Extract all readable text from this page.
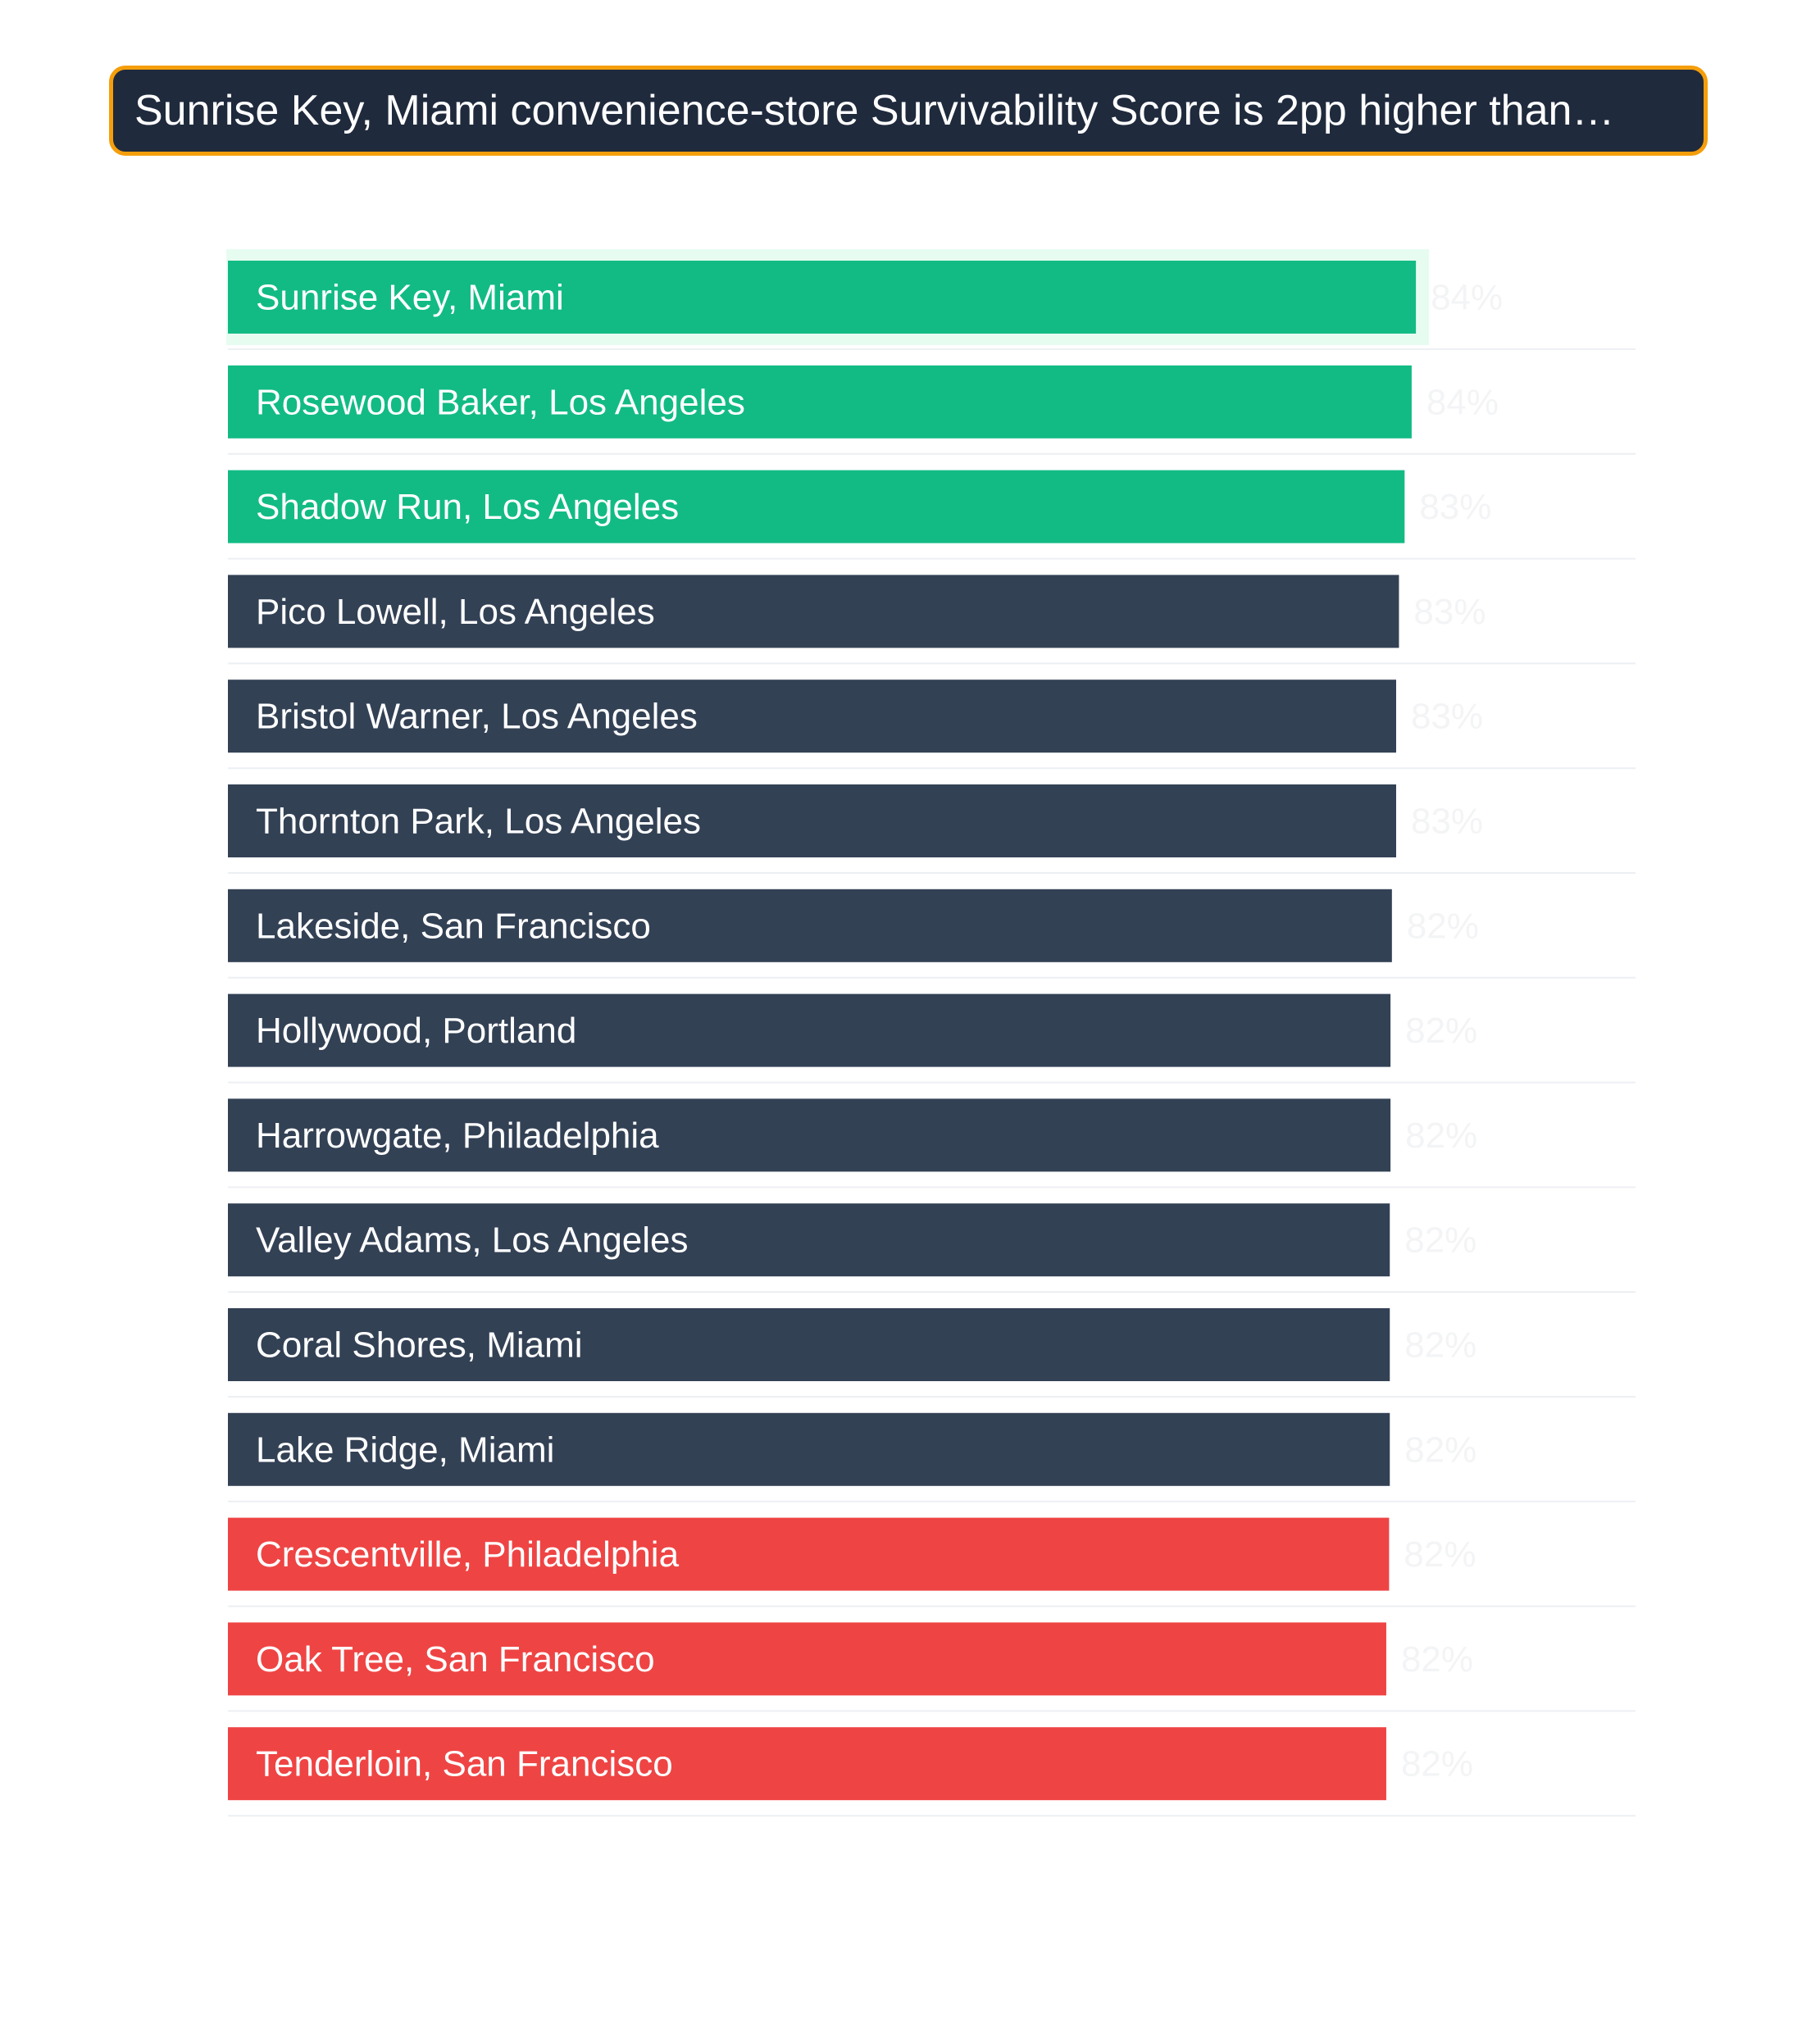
Sunrise Key, Miami convenience-store Survivability Score is 2pp higher than…
Sunrise Key, Miami	84%
Rosewood Baker, Los Angeles	84%
Shadow Run, Los Angeles	83%
Pico Lowell, Los Angeles	83%
Bristol Warner, Los Angeles	83%
Thornton Park, Los Angeles	83%
Lakeside, San Francisco	82%
Hollywood, Portland	82%
Harrowgate, Philadelphia	82%
Valley Adams, Los Angeles	82%
Coral Shores, Miami	82%
Lake Ridge, Miami	82%
Crescentville, Philadelphia	82%
Oak Tree, San Francisco	82%
Tenderloin, San Francisco	82%
